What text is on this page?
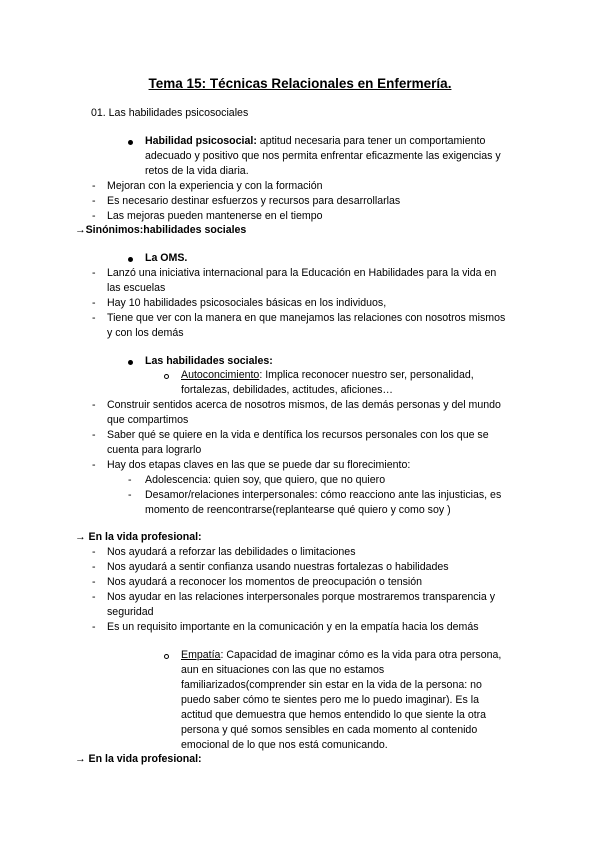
Tema 15: Técnicas Relacionales en Enfermería.
01. Las habilidades psicosociales
Habilidad psicosocial: aptitud necesaria para tener un comportamiento
adecuado y positivo que nos permita enfrentar eficazmente las exigencias y
retos de la vida diaria.
- Mejoran con la experiencia y con la formación
- Es necesario destinar esfuerzos y recursos para desarrollarlas
- Las mejoras pueden mantenerse en el tiempo
→Sinónimos:habilidades sociales
La OMS.
- Lanzó una iniciativa internacional para la Educación en Habilidades para la vida en
las escuelas
- Hay 10 habilidades psicosociales básicas en los individuos,
- Tiene que ver con la manera en que manejamos las relaciones con nosotros mismos
y con los demás
Las habilidades sociales:
Autoconcimiento: Implica reconocer nuestro ser, personalidad,
fortalezas, debilidades, actitudes, aficiones…
- Construir sentidos acerca de nosotros mismos, de las demás personas y del mundo
que compartimos
- Saber qué se quiere en la vida e dentífica los recursos personales con los que se
cuenta para lograrlo
- Hay dos etapas claves en las que se puede dar su florecimiento:
- Adolescencia: quien soy, que quiero, que no quiero
- Desamor/relaciones interpersonales: cómo reacciono ante las injusticias, es
momento de reencontrarse(replantearse qué quiero y como soy )
→ En la vida profesional:
- Nos ayudará a reforzar las debilidades o limitaciones
- Nos ayudará a sentir confianza usando nuestras fortalezas o habilidades
- Nos ayudará a reconocer los momentos de preocupación o tensión
- Nos ayudar en las relaciones interpersonales porque mostraremos transparencia y
seguridad
- Es un requisito importante en la comunicación y en la empatía hacia los demás
Empatía: Capacidad de imaginar cómo es la vida para otra persona,
aun en situaciones con las que no estamos
familiarizados(comprender sin estar en la vida de la persona: no
puedo saber cómo te sientes pero me lo puedo imaginar). Es la
actitud que demuestra que hemos entendido lo que siente la otra
persona y qué somos sensibles en cada momento al contenido
emocional de lo que nos está comunicando.
→ En la vida profesional:
